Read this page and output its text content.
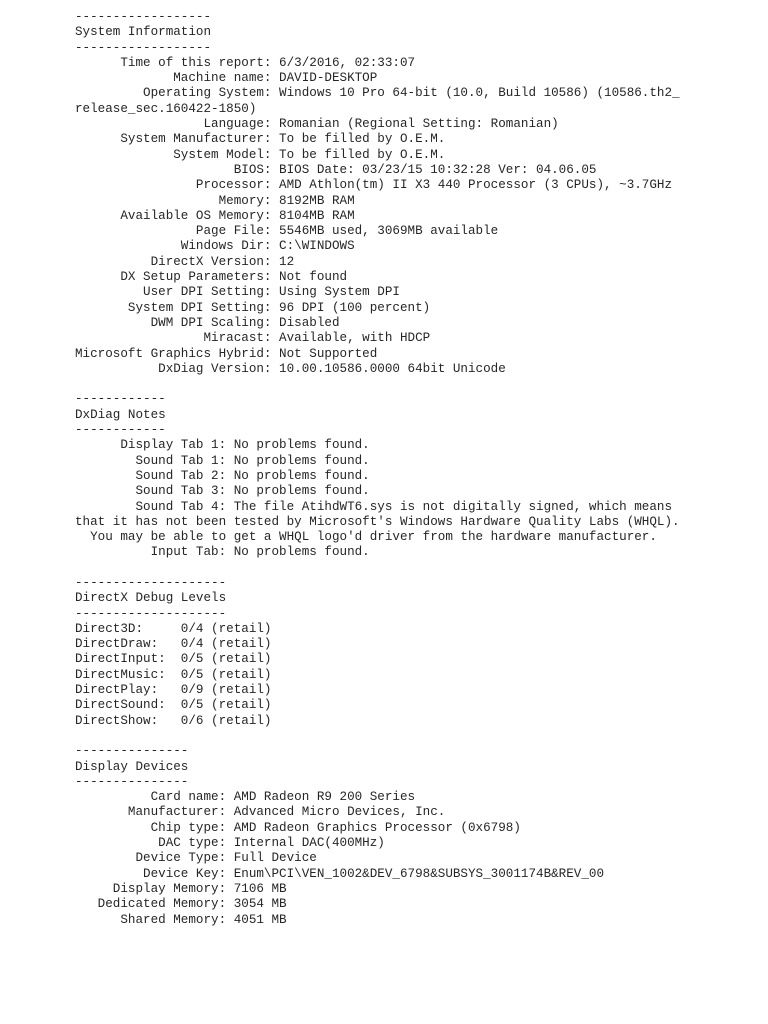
------------------
System Information
------------------
Time of this report: 6/3/2016, 02:33:07
Machine name: DAVID-DESKTOP
Operating System: Windows 10 Pro 64-bit (10.0, Build 10586) (10586.th2_
release_sec.160422-1850)
Language: Romanian (Regional Setting: Romanian)
System Manufacturer: To be filled by O.E.M.
System Model: To be filled by O.E.M.
BIOS: BIOS Date: 03/23/15 10:32:28 Ver: 04.06.05
Processor: AMD Athlon(tm) II X3 440 Processor (3 CPUs), ~3.7GHz
Memory: 8192MB RAM
Available OS Memory: 8104MB RAM
Page File: 5546MB used, 3069MB available
Windows Dir: C:\WINDOWS
DirectX Version: 12
DX Setup Parameters: Not found
User DPI Setting: Using System DPI
System DPI Setting: 96 DPI (100 percent)
DWM DPI Scaling: Disabled
Miracast: Available, with HDCP
Microsoft Graphics Hybrid: Not Supported
DxDiag Version: 10.00.10586.0000 64bit Unicode
------------
DxDiag Notes
------------
Display Tab 1: No problems found.
Sound Tab 1: No problems found.
Sound Tab 2: No problems found.
Sound Tab 3: No problems found.
Sound Tab 4: The file AtihdWT6.sys is not digitally signed, which means
that it has not been tested by Microsoft's Windows Hardware Quality Labs (WHQL).
You may be able to get a WHQL logo'd driver from the hardware manufacturer.
Input Tab: No problems found.
--------------------
DirectX Debug Levels
--------------------
Direct3D:     0/4 (retail)
DirectDraw:   0/4 (retail)
DirectInput:  0/5 (retail)
DirectMusic:  0/5 (retail)
DirectPlay:   0/9 (retail)
DirectSound:  0/5 (retail)
DirectShow:   0/6 (retail)
---------------
Display Devices
---------------
Card name: AMD Radeon R9 200 Series
Manufacturer: Advanced Micro Devices, Inc.
Chip type: AMD Radeon Graphics Processor (0x6798)
DAC type: Internal DAC(400MHz)
Device Type: Full Device
Device Key: Enum\PCI\VEN_1002&DEV_6798&SUBSYS_3001174B&REV_00
Display Memory: 7106 MB
Dedicated Memory: 3054 MB
Shared Memory: 4051 MB
